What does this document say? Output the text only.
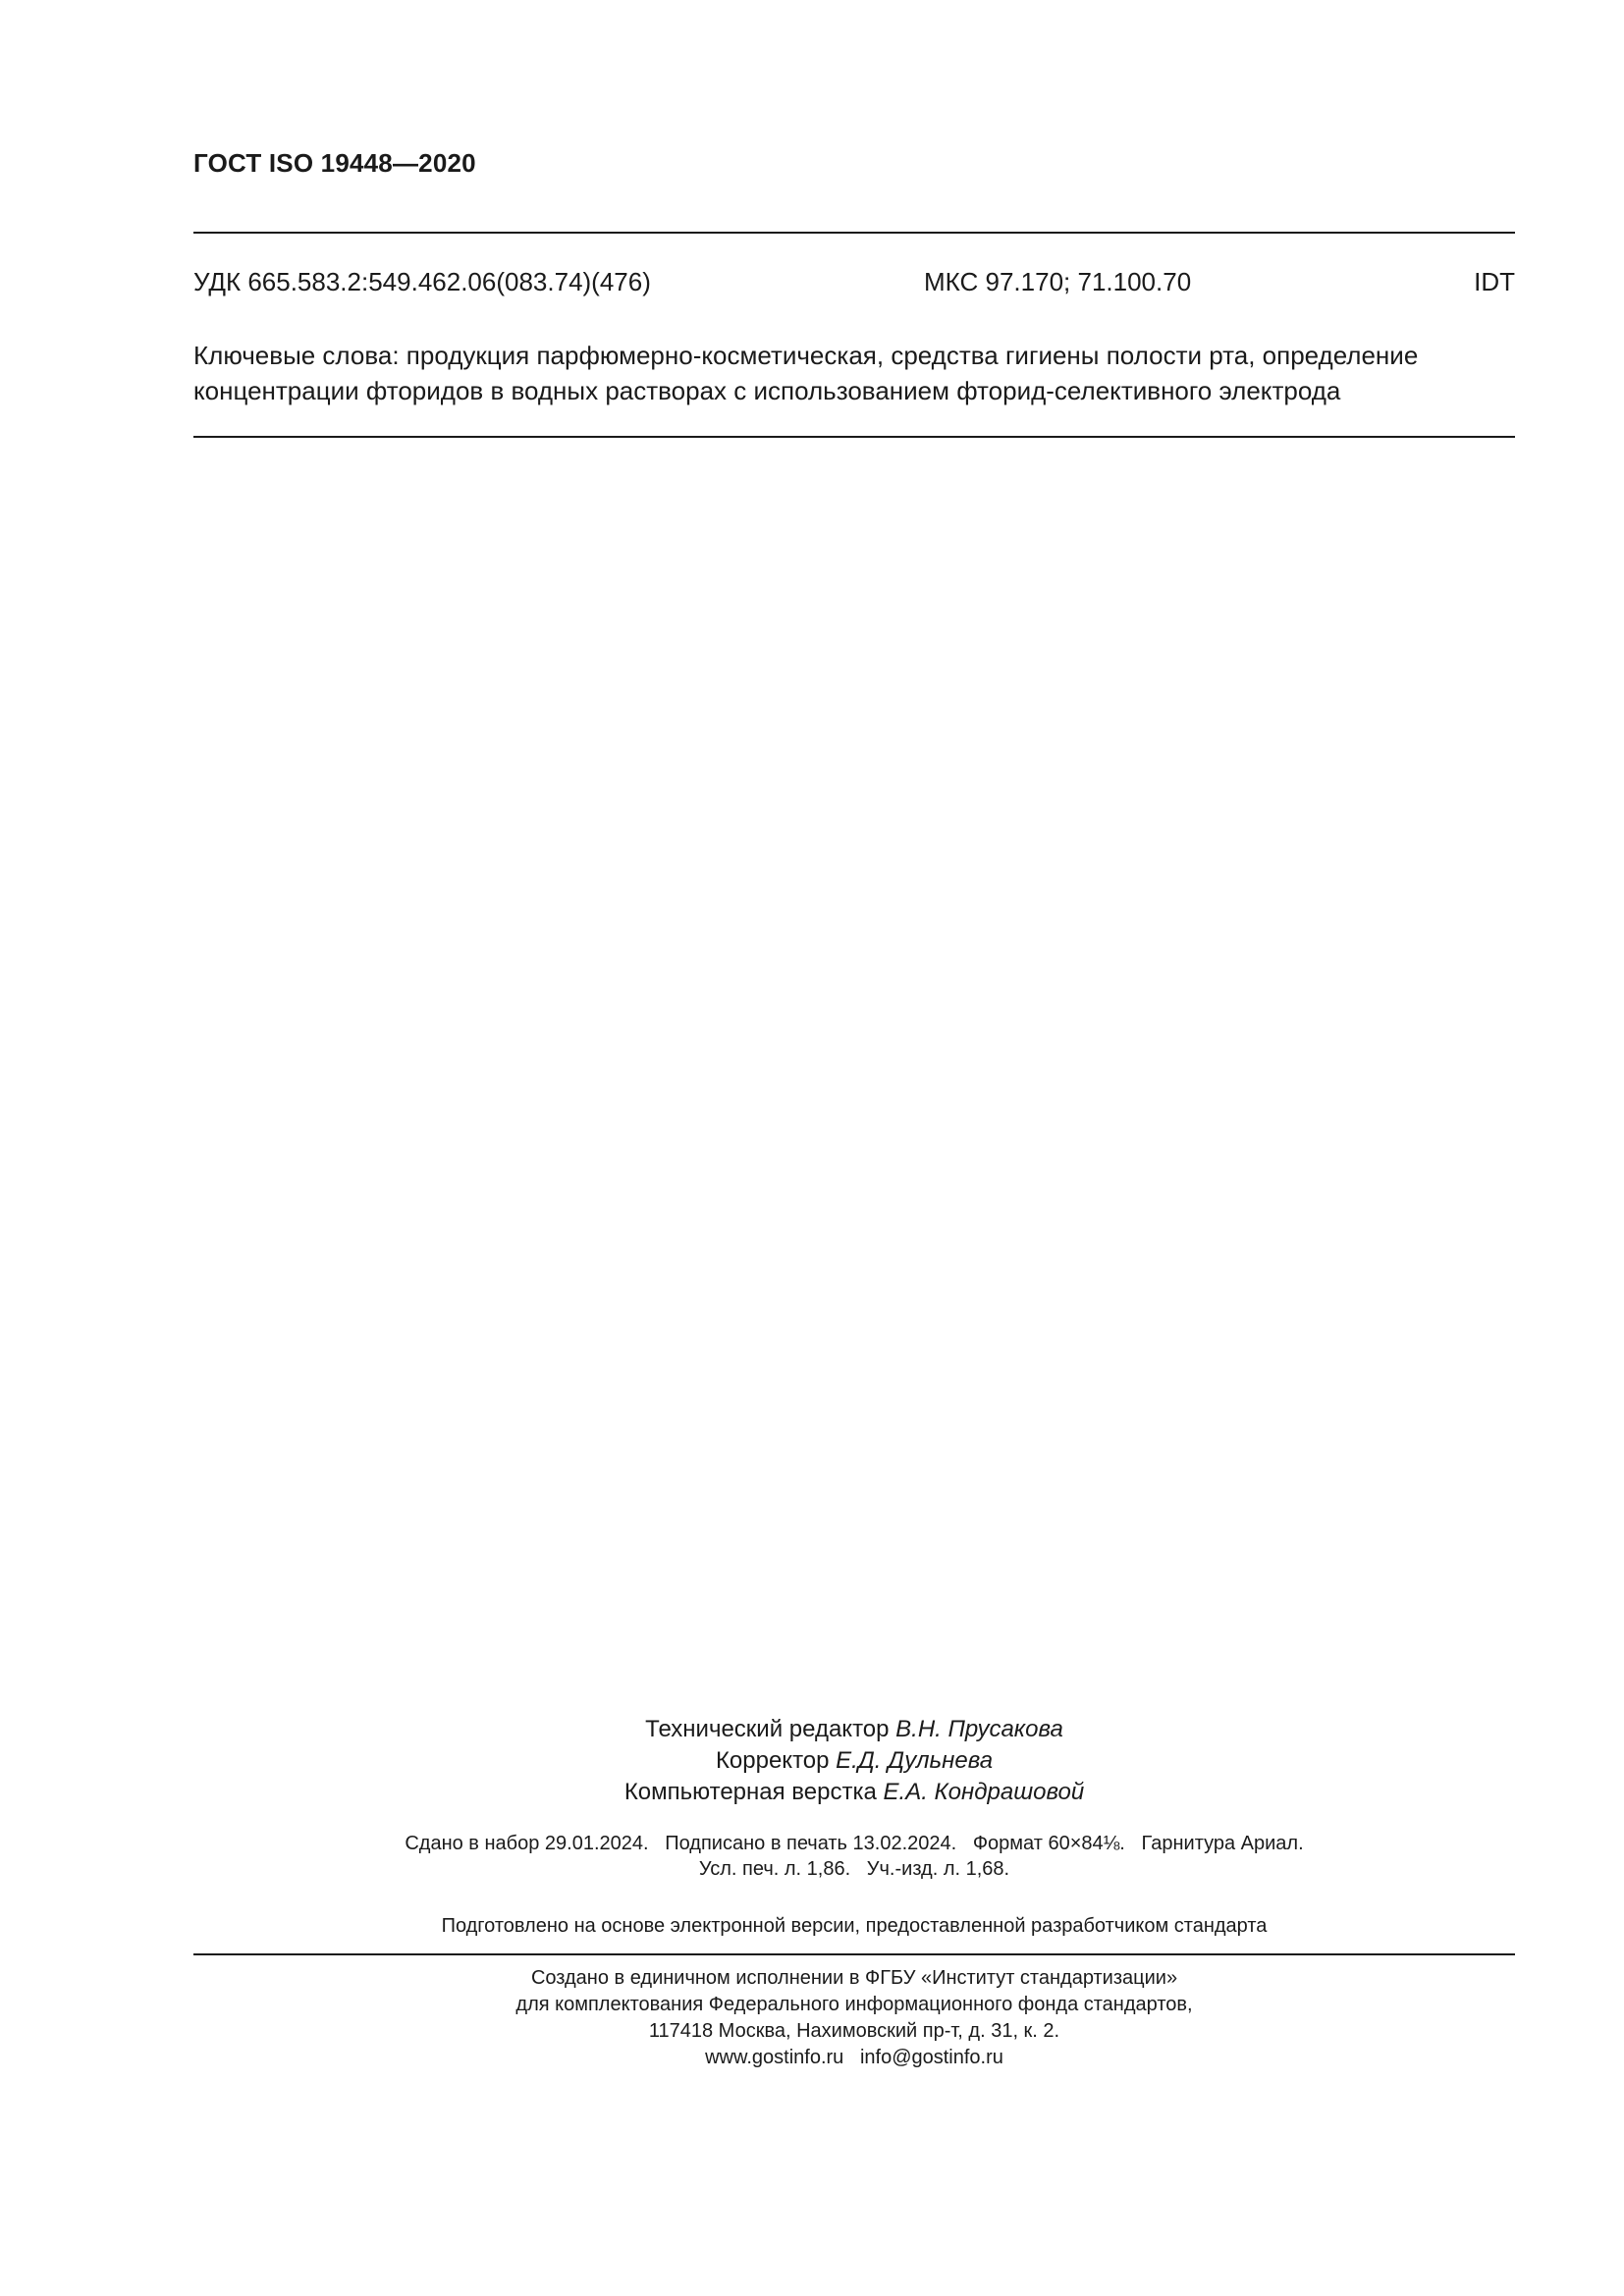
ГОСТ ISO 19448—2020
УДК 665.583.2:549.462.06(083.74)(476)	МКС 97.170; 71.100.70	IDT
Ключевые слова: продукция парфюмерно-косметическая, средства гигиены полости рта, определение
концентрации фторидов в водных растворах с использованием фторид-селективного электрода
Технический редактор В.Н. Прусакова
Корректор Е.Д. Дульнева
Компьютерная верстка Е.А. Кондрашовой
Сдано в набор 29.01.2024.   Подписано в печать 13.02.2024.   Формат 60×84⅛.   Гарнитура Ариал.
Усл. печ. л. 1,86.   Уч.-изд. л. 1,68.
Подготовлено на основе электронной версии, предоставленной разработчиком стандарта
Создано в единичном исполнении в ФГБУ «Институт стандартизации»
для комплектования Федерального информационного фонда стандартов,
117418 Москва, Нахимовский пр-т, д. 31, к. 2.
www.gostinfo.ru info@gostinfo.ru
